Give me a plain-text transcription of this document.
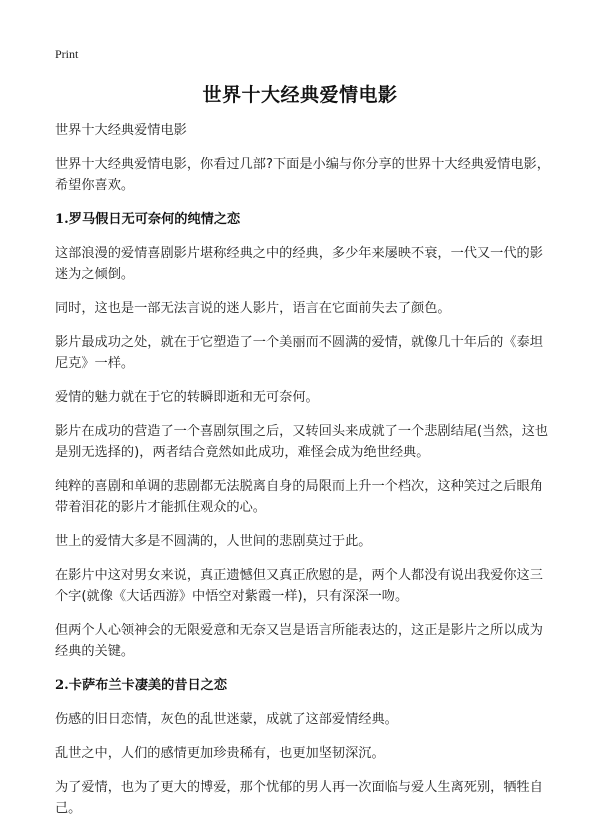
Print
世界十大经典爱情电影

世界十大经典爱情电影

世界十大经典爱情电影，你看过几部?下面是小编与你分享的世界十大经典爱情电影，希望你喜欢。

1.罗马假日无可奈何的纯情之恋

这部浪漫的爱情喜剧影片堪称经典之中的经典，多少年来屡映不衰，一代又一代的影迷为之倾倒。

同时，这也是一部无法言说的迷人影片，语言在它面前失去了颜色。

影片最成功之处，就在于它塑造了一个美丽而不圆满的爱情，就像几十年后的《泰坦尼克》一样。

爱情的魅力就在于它的转瞬即逝和无可奈何。

影片在成功的营造了一个喜剧氛围之后，又转回头来成就了一个悲剧结尾(当然，这也是别无选择的)，两者结合竟然如此成功，难怪会成为绝世经典。

纯粹的喜剧和单调的悲剧都无法脱离自身的局限而上升一个档次，这种笑过之后眼角带着泪花的影片才能抓住观众的心。

世上的爱情大多是不圆满的，人世间的悲剧莫过于此。

在影片中这对男女来说，真正遗憾但又真正欣慰的是，两个人都没有说出我爱你这三个字(就像《大话西游》中悟空对紫霞一样)，只有深深一吻。

但两个人心领神会的无限爱意和无奈又岂是语言所能表达的，这正是影片之所以成为经典的关键。

2.卡萨布兰卡凄美的昔日之恋

伤感的旧日恋情，灰色的乱世迷蒙，成就了这部爱情经典。

乱世之中，人们的感情更加珍贵稀有，也更加坚韧深沉。

为了爱情，也为了更大的博爱，那个忧郁的男人再一次面临与爱人生离死别，牺牲自己。
